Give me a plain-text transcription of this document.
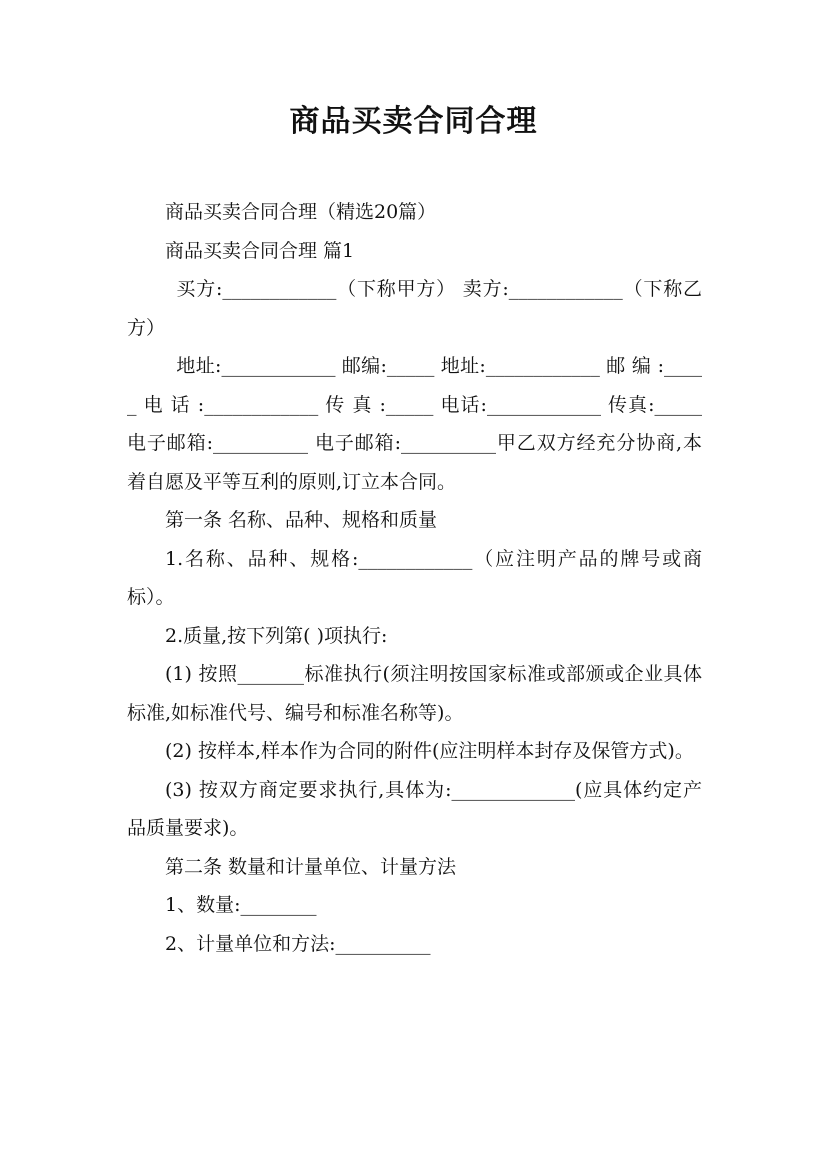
商品买卖合同合理

商品买卖合同合理（精选20篇）

商品买卖合同合理 篇1

买方:____________（下称甲方） 卖方:____________（下称乙方）

地址:____________ 邮编:_____ 地址:____________ 邮 编 :_____ 电 话 :____________ 传 真 :_____ 电话:____________ 传真:_____电子邮箱:__________ 电子邮箱:__________甲乙双方经充分协商,本着自愿及平等互利的原则,订立本合同。

第一条 名称、品种、规格和质量

1.名称、品种、规格:____________（应注明产品的牌号或商标）。

2.质量,按下列第( )项执行:

(1) 按照_______标准执行(须注明按国家标准或部颁或企业具体标准,如标准代号、编号和标准名称等)。

(2) 按样本,样本作为合同的附件(应注明样本封存及保管方式)。

(3) 按双方商定要求执行,具体为:_____________(应具体约定产品质量要求)。

第二条 数量和计量单位、计量方法

1、数量:________

2、计量单位和方法:__________
